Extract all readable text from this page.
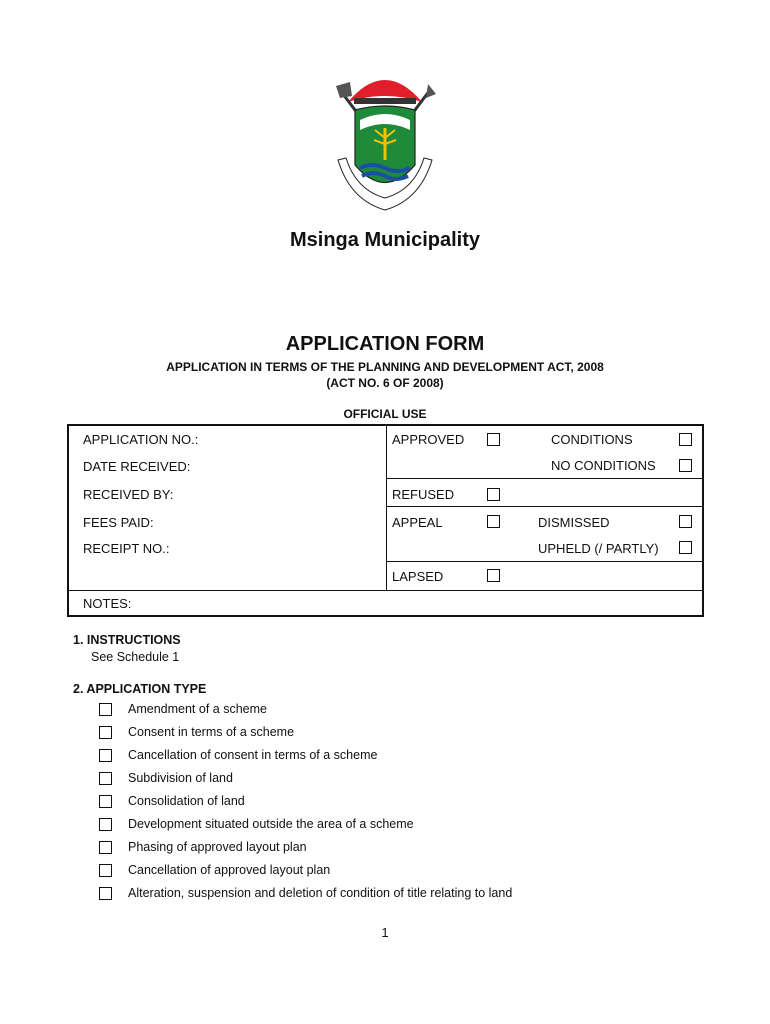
Msinga Municipality
APPLICATION FORM
APPLICATION IN TERMS OF THE PLANNING AND DEVELOPMENT ACT, 2008
(ACT NO. 6 OF 2008)
OFFICIAL USE
APPLICATION NO.:
DATE RECEIVED:
RECEIVED BY:
FEES PAID:
RECEIPT NO.:
APPROVED	CONDITIONS
NO CONDITIONS
REFUSED
APPEAL	DISMISSED
UPHELD (/ PARTLY)
LAPSED
NOTES:
1. INSTRUCTIONS
See Schedule 1
2. APPLICATION TYPE
Amendment of a scheme
Consent in terms of a scheme
Cancellation of consent in terms of a scheme
Subdivision of land
Consolidation of land
Development situated outside the area of a scheme
Phasing of approved layout plan
Cancellation of approved layout plan
Alteration, suspension and deletion of condition of title relating to land
1
